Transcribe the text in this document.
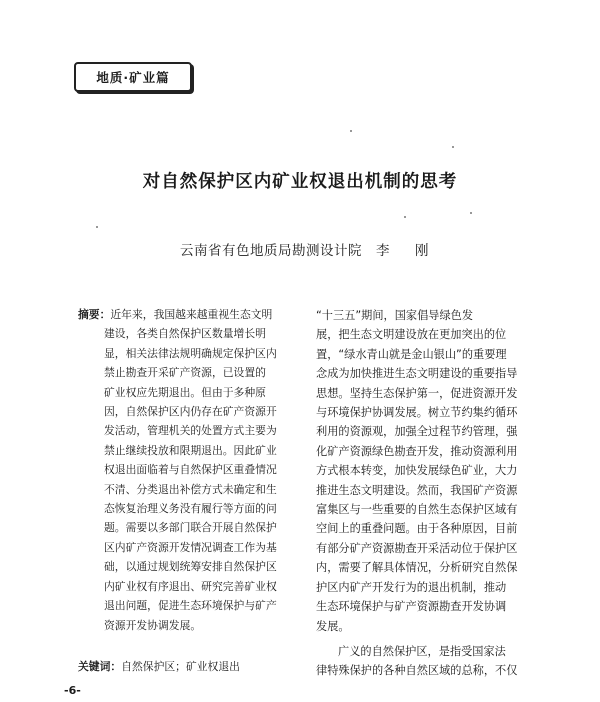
地质·矿业篇
对自然保护区内矿业权退出机制的思考
云南省有色地质局勘测设计院 李　刚
摘要：近年来，我国越来越重视生态文明
建设，各类自然保护区数量增长明
显，相关法律法规明确规定保护区内
禁止勘查开采矿产资源，已设置的
矿业权应先期退出。但由于多种原
因，自然保护区内仍存在矿产资源开
发活动，管理机关的处置方式主要为
禁止继续投放和限期退出。因此矿业
权退出面临着与自然保护区重叠情况
不清、分类退出补偿方式未确定和生
态恢复治理义务没有履行等方面的问
题。需要以多部门联合开展自然保护
区内矿产资源开发情况调查工作为基
础，以通过规划统筹安排自然保护区
内矿业权有序退出、研究完善矿业权
退出问题，促进生态环境保护与矿产
资源开发协调发展。
关键词：自然保护区；矿业权退出
“十三五”期间，国家倡导绿色发
展，把生态文明建设放在更加突出的位
置，“绿水青山就是金山银山”的重要理
念成为加快推进生态文明建设的重要指导
思想。坚持生态保护第一，促进资源开发
与环境保护协调发展。树立节约集约循环
利用的资源观，加强全过程节约管理，强
化矿产资源绿色勘查开发，推动资源利用
方式根本转变，加快发展绿色矿业，大力
推进生态文明建设。然而，我国矿产资源
富集区与一些重要的自然生态保护区域有
空间上的重叠问题。由于各种原因，目前
有部分矿产资源勘查开采活动位于保护区
内，需要了解具体情况，分析研究自然保
护区内矿产开发行为的退出机制，推动
生态环境保护与矿产资源勘查开发协调
发展。
广义的自然保护区，是指受国家法
律特殊保护的各种自然区域的总称，不仅
-6-
